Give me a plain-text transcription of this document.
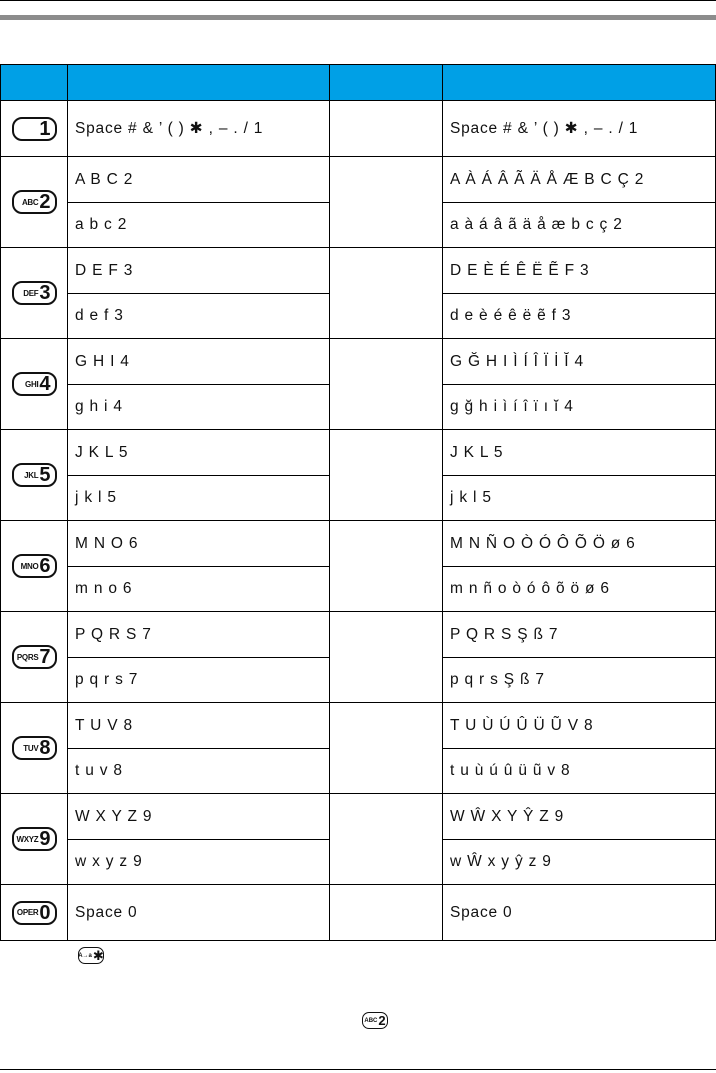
1	Space # & ’ ( ) ✱ , – . / 1		Space # & ’ ( ) ✱ , – . / 1

ABC 2	A B C 2		A À Á Â Ã Ä Å Æ B C Ç 2
	a b c 2		a à á â ã ä å æ b c ç 2

DEF 3	D E F 3		D E È É Ê Ë Ẽ F 3
	d e f 3		d e è é ê ë ẽ f 3

GHI 4	G H I 4		G Ğ H I Ì Í Î Ï İ Ĭ 4
	g h i 4		g ğ h i ì í î ï ı ĭ 4

JKL 5	J K L 5		J K L 5
	j k l 5		j k l 5

MNO 6	M N O 6		M N Ñ O Ò Ó Ô Õ Ö ø 6
	m n o 6		m n ñ o ò ó ô õ ö ø 6

PQRS 7	P Q R S 7		P Q R S Ş ß 7
	p q r s 7		p q r s Ş ß 7

TUV 8	T U V 8		T U Ù Ú Û Ü Ũ V 8
	t u v 8		t u ù ú û ü ũ v 8

WXYZ 9	W X Y Z 9		W Ŵ X Y Ŷ Z 9
	w x y z 9		w Ŵ x y ŷ z 9

OPER 0	Space 0		Space 0
A→a ✱
ABC 2
